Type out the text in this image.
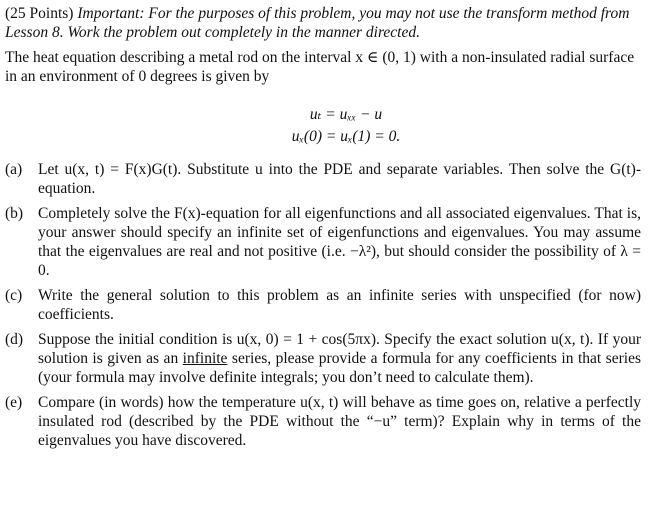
(25 Points) Important: For the purposes of this problem, you may not use the transform method from Lesson 8. Work the problem out completely in the manner directed.

The heat equation describing a metal rod on the interval x ∈ (0, 1) with a non-insulated radial surface in an environment of 0 degrees is given by

uₜ = uₓₓ − u
uₓ(0) = uₓ(1) = 0.
(a)	Let u(x, t) = F(x)G(t). Substitute u into the PDE and separate variables. Then solve the G(t)-equation.
(b) Completely solve the F(x)-equation for all eigenfunctions and all associated eigenvalues. That is, your answer should specify an infinite set of eigenfunctions and eigenvalues. You may assume that the eigenvalues are real and not positive (i.e. −λ²), but should consider the possibility of λ = 0.
(c)	Write the general solution to this problem as an infinite series with unspecified (for now) coefficients.
(d) Suppose the initial condition is u(x, 0) = 1 + cos(5πx). Specify the exact solution u(x, t). If your solution is given as an infinite series, please provide a formula for any coefficients in that series (your formula may involve definite integrals; you don’t need to calculate them).
(e)	Compare (in words) how the temperature u(x, t) will behave as time goes on, relative a perfectly insulated rod (described by the PDE without the “−u” term)? Explain why in terms of the eigenvalues you have discovered.
